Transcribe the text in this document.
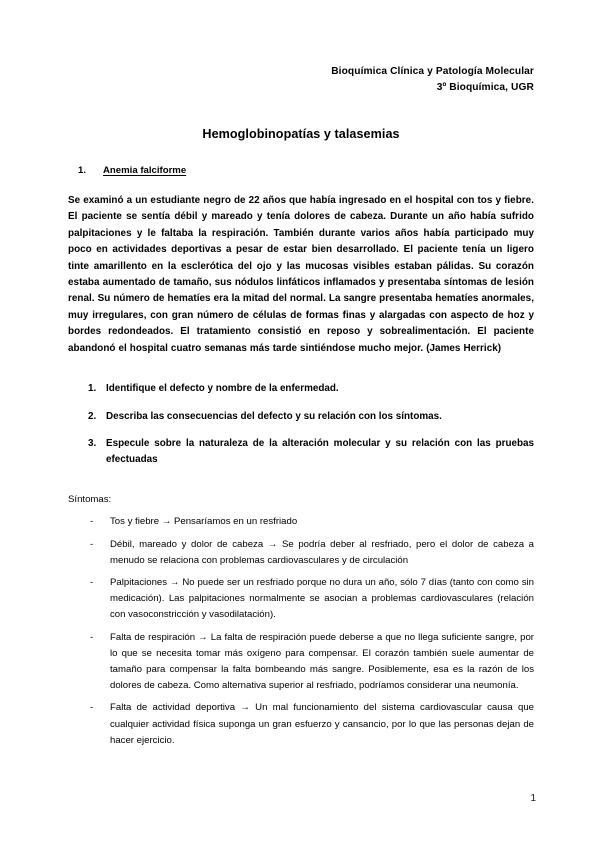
Bioquímica Clínica y Patología Molecular
3º Bioquímica, UGR
Hemoglobinopatías y talasemias
1.	Anemia falciforme
Se examinó a un estudiante negro de 22 años que había ingresado en el hospital con tos y fiebre. El paciente se sentía débil y mareado y tenía dolores de cabeza. Durante un año había sufrido palpitaciones y le faltaba la respiración. También durante varios años había participado muy poco en actividades deportivas a pesar de estar bien desarrollado. El paciente tenía un ligero tinte amarillento en la esclerótica del ojo y las mucosas visibles estaban pálidas. Su corazón estaba aumentado de tamaño, sus nódulos linfáticos inflamados y presentaba síntomas de lesión renal. Su número de hematíes era la mitad del normal. La sangre presentaba hematíes anormales, muy irregulares, con gran número de células de formas finas y alargadas con aspecto de hoz y bordes redondeados. El tratamiento consistió en reposo y sobrealimentación. El paciente abandonó el hospital cuatro semanas más tarde sintiéndose mucho mejor. (James Herrick)
1. Identifique el defecto y nombre de la enfermedad.
2. Describa las consecuencias del defecto y su relación con los síntomas.
3. Especule sobre la naturaleza de la alteración molecular y su relación con las pruebas efectuadas
Síntomas:
-	Tos y fiebre → Pensaríamos en un resfriado
-	Débil, mareado y dolor de cabeza → Se podría deber al resfriado, pero el dolor de cabeza a menudo se relaciona con problemas cardiovasculares y de circulación
-	Palpitaciones → No puede ser un resfriado porque no dura un año, sólo 7 días (tanto con como sin medicación). Las palpitaciones normalmente se asocian a problemas cardiovasculares (relación con vasoconstricción y vasodilatación).
-	Falta de respiración → La falta de respiración puede deberse a que no llega suficiente sangre, por lo que se necesita tomar más oxígeno para compensar. El corazón también suele aumentar de tamaño para compensar la falta bombeando más sangre. Posiblemente, esa es la razón de los dolores de cabeza. Como alternativa superior al resfriado, podríamos considerar una neumonía.
-	Falta de actividad deportiva → Un mal funcionamiento del sistema cardiovascular causa que cualquier actividad física suponga un gran esfuerzo y cansancio, por lo que las personas dejan de hacer ejercicio.
1
